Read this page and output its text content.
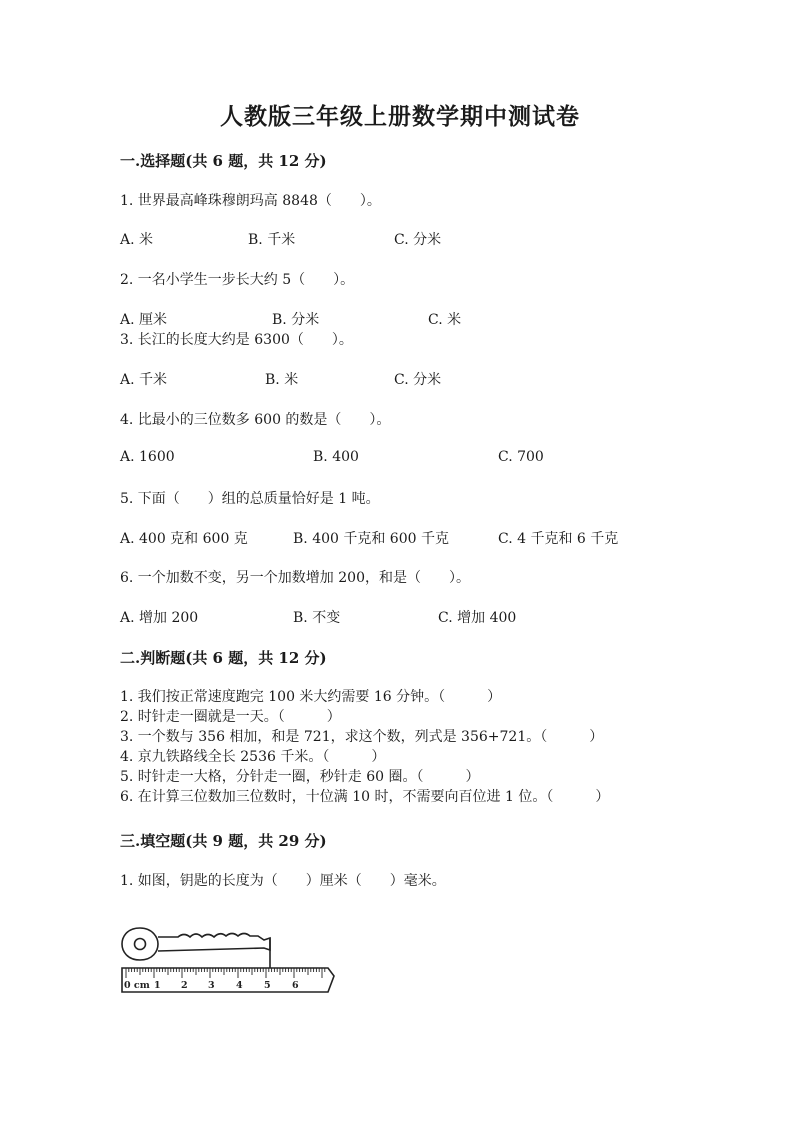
人教版三年级上册数学期中测试卷
一.选择题(共 6 题，共 12 分)
1. 世界最高峰珠穆朗玛高 8848（　　）。
A. 米	B. 千米	C. 分米
2. 一名小学生一步长大约 5（　　）。
A. 厘米	B. 分米	C. 米
3. 长江的长度大约是 6300（　　）。
A. 千米	B. 米	C. 分米
4. 比最小的三位数多 600 的数是（　　）。
A. 1600	B. 400	C. 700
5. 下面（　　）组的总质量恰好是 1 吨。
A. 400 克和 600 克	B. 400 千克和 600 千克	C. 4 千克和 6 千克
6. 一个加数不变，另一个加数增加 200，和是（　　）。
A. 增加 200	B. 不变	C. 增加 400
二.判断题(共 6 题，共 12 分)
1. 我们按正常速度跑完 100 米大约需要 16 分钟。（　　　）
2. 时针走一圈就是一天。（　　　）
3. 一个数与 356 相加，和是 721，求这个数，列式是 356+721。（　　　）
4. 京九铁路线全长 2536 千米。（　　　）
5. 时针走一大格，分针走一圈，秒针走 60 圈。（　　　）
6. 在计算三位数加三位数时，十位满 10 时，不需要向百位进 1 位。（　　　）
三.填空题(共 9 题，共 29 分)
1. 如图，钥匙的长度为（　　）厘米（　　）毫米。
0 cm 1 2 3 4 5 6
